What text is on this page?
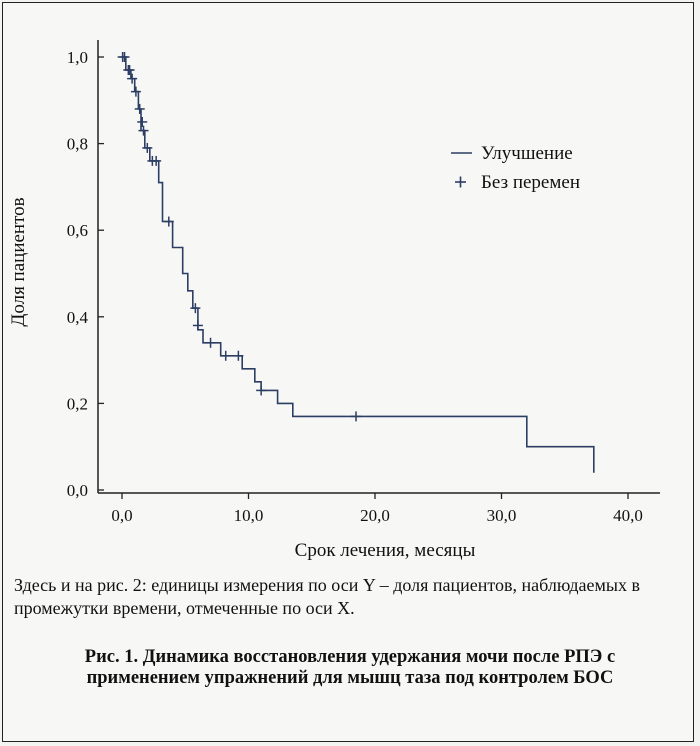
0,0
0,2
0,4
0,6
0,8
1,0
0,0	10,0	20,0	30,0	40,0
Доля пациентов
Срок лечения, месяцы
Улучшение
Без перемен
Здесь и на рис. 2: единицы измерения по оси Y – доля пациентов, наблюдаемых в промежутки времени, отмеченные по оси X.
Рис. 1. Динамика восстановления удержания мочи после РПЭ с применением упражнений для мышц таза под контролем БОС
